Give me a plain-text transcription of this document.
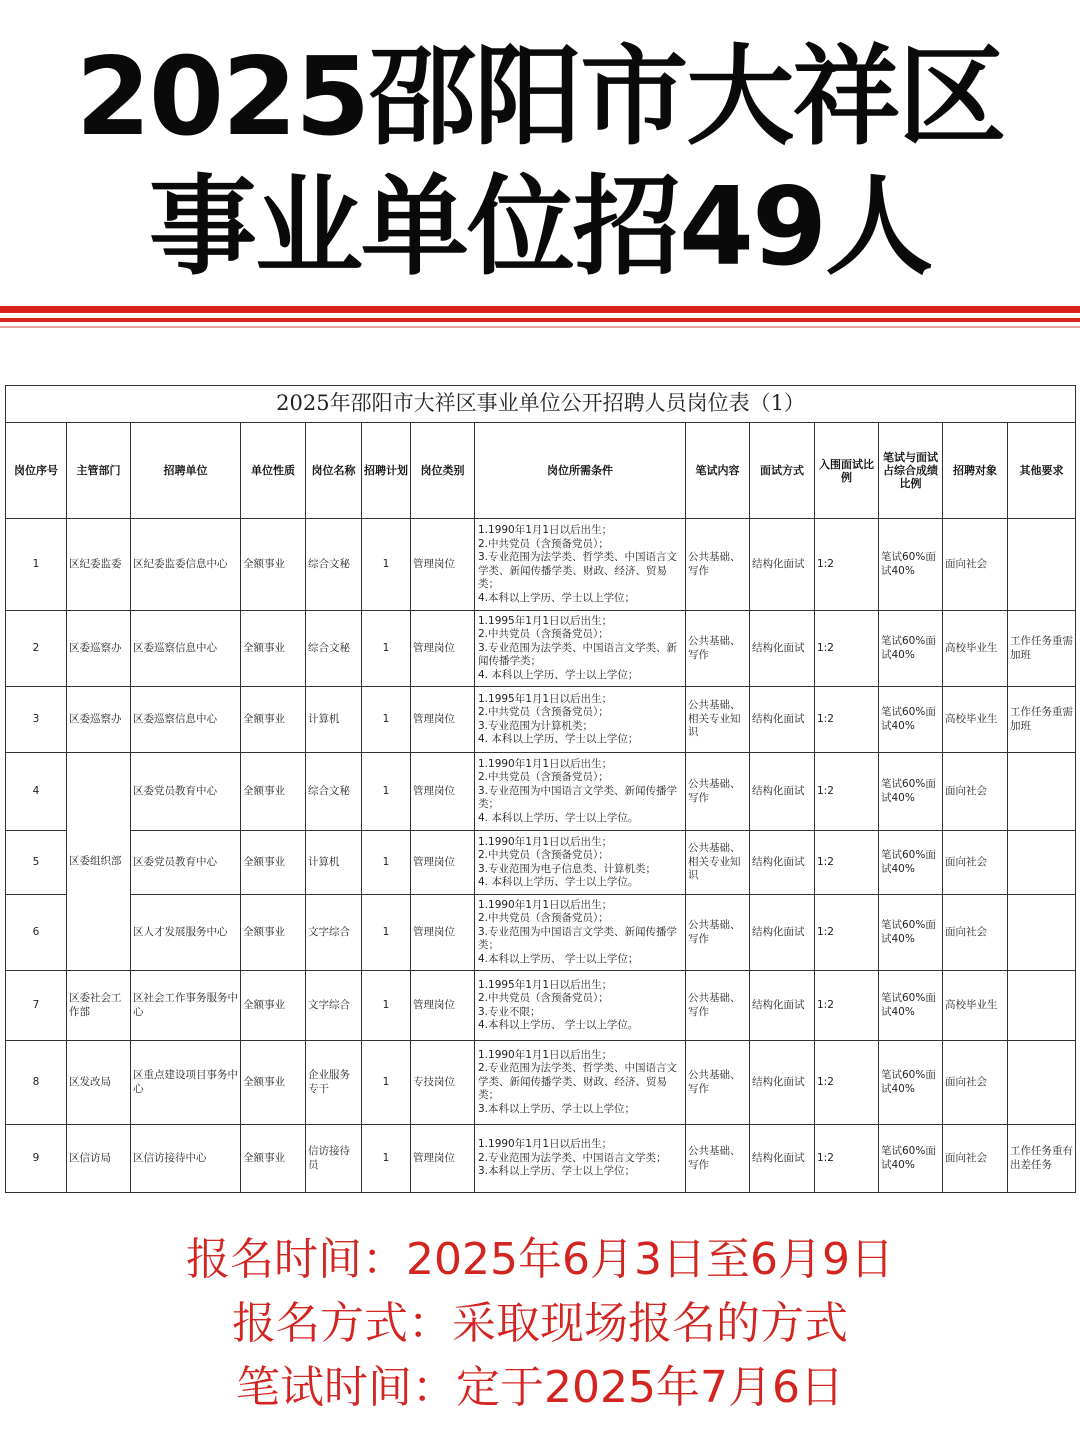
2025邵阳市大祥区
事业单位招49人
2025年邵阳市大祥区事业单位公开招聘人员岗位表（1）													
岗位序号	主管部门	招聘单位	单位性质	岗位名称	招聘计划	岗位类别	岗位所需条件	笔试内容	面试方式	入围面试比例	笔试与面试占综合成绩比例	招聘对象	其他要求
1	区纪委监委	区纪委监委信息中心	全额事业	综合文秘	1	管理岗位	1.1990年1月1日以后出生；
2.中共党员（含预备党员）；
3.专业范围为法学类、哲学类、中国语言文学类、新闻传播学类、财政、经济、贸易类；
4.本科以上学历、学士以上学位；	公共基础、写作	结构化面试	1:2	笔试60%面试40%	面向社会	
2	区委巡察办	区委巡察信息中心	全额事业	综合文秘	1	管理岗位	1.1995年1月1日以后出生；
2.中共党员（含预备党员）；
3.专业范围为法学类、中国语言文学类、新闻传播学类；
4. 本科以上学历、学士以上学位；	公共基础、写作	结构化面试	1:2	笔试60%面试40%	高校毕业生	工作任务重需加班
3	区委巡察办	区委巡察信息中心	全额事业	计算机	1	管理岗位	1.1995年1月1日以后出生；
2.中共党员（含预备党员）；
3.专业范围为计算机类；
4. 本科以上学历、学士以上学位；	公共基础、相关专业知识	结构化面试	1:2	笔试60%面试40%	高校毕业生	工作任务重需加班
4	区委组织部	区委党员教育中心	全额事业	综合文秘	1	管理岗位	1.1990年1月1日以后出生；
2.中共党员（含预备党员）；
3.专业范围为中国语言文学类、新闻传播学类；
4. 本科以上学历、学士以上学位。	公共基础、写作	结构化面试	1:2	笔试60%面试40%	面向社会	
5		区委党员教育中心	全额事业	计算机	1	管理岗位	1.1990年1月1日以后出生；
2.中共党员（含预备党员）；
3.专业范围为电子信息类、计算机类；
4. 本科以上学历、学士以上学位。	公共基础、相关专业知识	结构化面试	1:2	笔试60%面试40%	面向社会	
6		区人才发展服务中心	全额事业	文字综合	1	管理岗位	1.1990年1月1日以后出生；
2.中共党员（含预备党员）；
3.专业范围为中国语言文学类、新闻传播学类；
4.本科以上学历、 学士以上学位；	公共基础、写作	结构化面试	1:2	笔试60%面试40%	面向社会	
7	区委社会工作部	区社会工作事务服务中心	全额事业	文字综合	1	管理岗位	1.1995年1月1日以后出生；
2.中共党员（含预备党员）；
3.专业不限；
4.本科以上学历、 学士以上学位。	公共基础、写作	结构化面试	1:2	笔试60%面试40%	高校毕业生	
8	区发改局	区重点建设项目事务中心	全额事业	企业服务专干	1	专技岗位	1.1990年1月1日以后出生；
2.专业范围为法学类、哲学类、中国语言文学类、新闻传播学类、财政、经济、贸易类；
3.本科以上学历、学士以上学位；	公共基础、写作	结构化面试	1:2	笔试60%面试40%	面向社会	
9	区信访局	区信访接待中心	全额事业	信访接待员	1	管理岗位	1.1990年1月1日以后出生；
2.专业范围为法学类、中国语言文学类；
3.本科以上学历、学士以上学位；	公共基础、写作	结构化面试	1:2	笔试60%面试40%	面向社会	工作任务重有出差任务
报名时间：2025年6月3日至6月9日
报名方式：采取现场报名的方式
笔试时间：定于2025年7月6日
